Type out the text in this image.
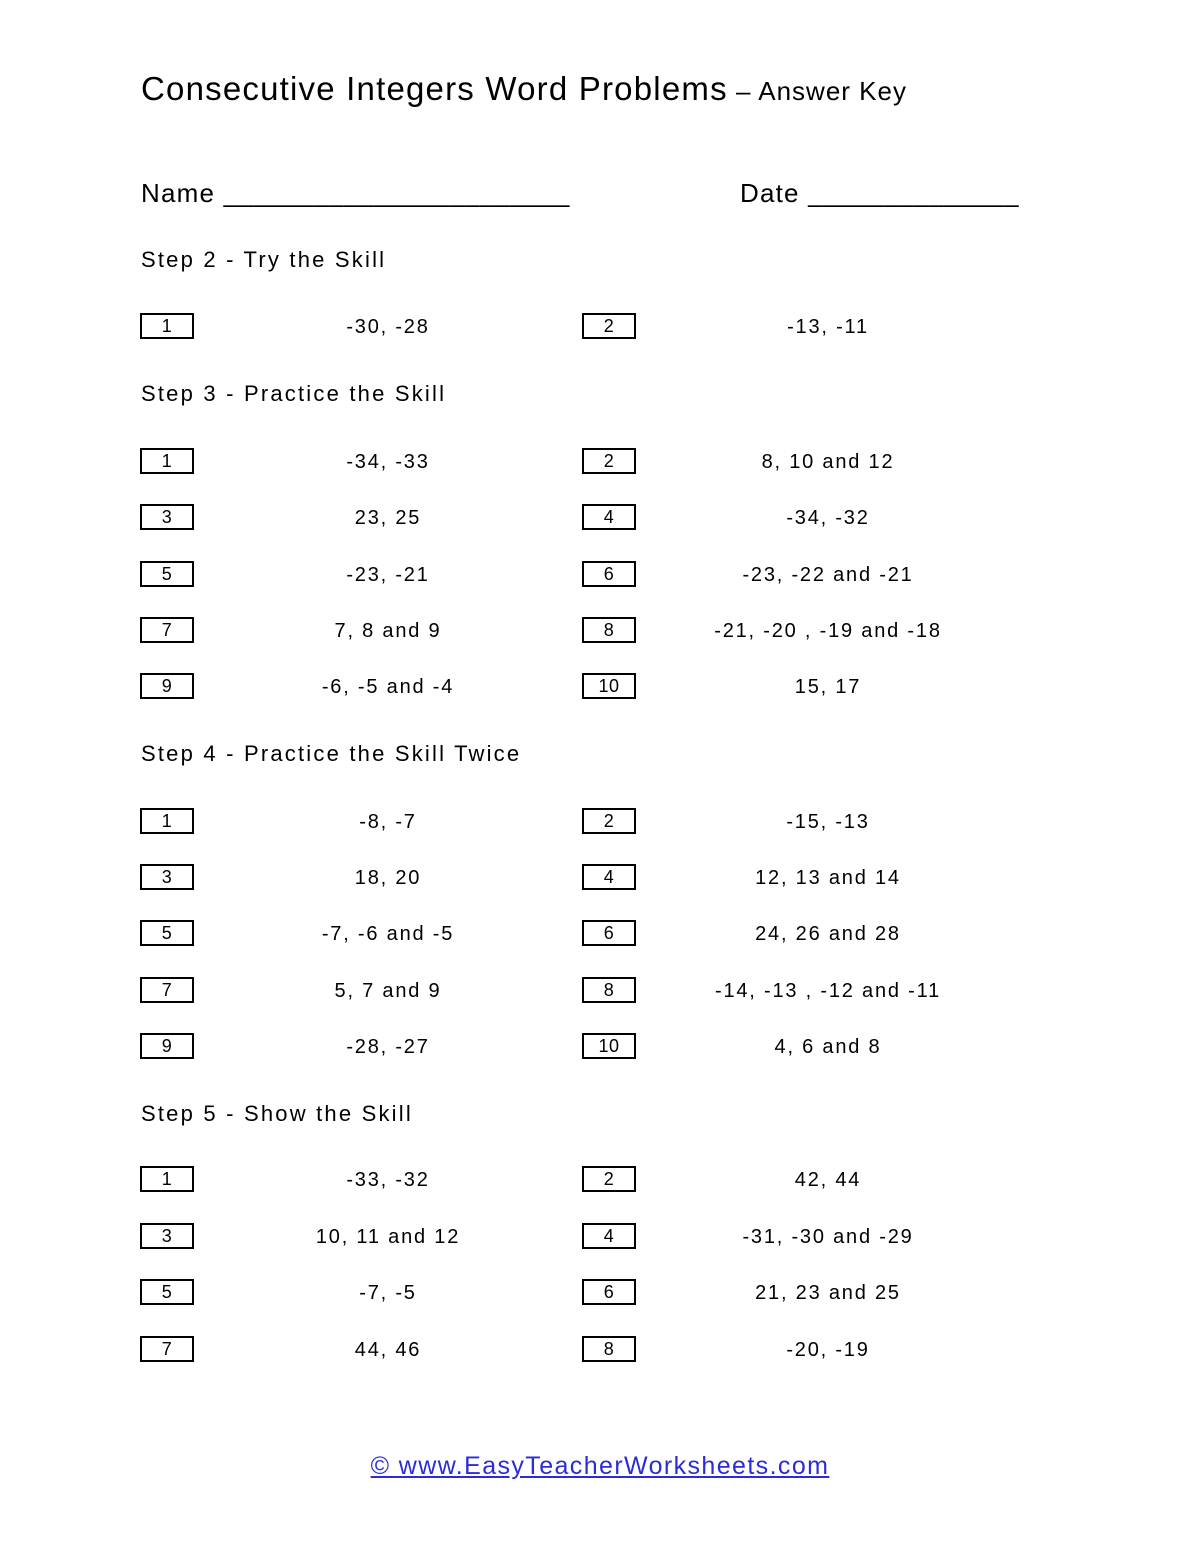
Consecutive Integers Word Problems – Answer Key
Name _______________________	Date ______________
Step 2 - Try the Skill
1	-30, -28	2	-13, -11
Step 3 - Practice the Skill
1	-34, -33	2	8, 10 and 12
3	23, 25	4	-34, -32
5	-23, -21	6	-23, -22 and -21
7	7, 8 and 9	8	-21, -20 , -19 and -18
9	-6, -5 and -4	10	15, 17
Step 4 - Practice the Skill Twice
1	-8, -7	2	-15, -13
3	18, 20	4	12, 13 and 14
5	-7, -6 and -5	6	24, 26 and 28
7	5, 7 and 9	8	-14, -13 , -12 and -11
9	-28, -27	10	4, 6 and 8
Step 5 - Show the Skill
1	-33, -32	2	42, 44
3	10, 11 and 12	4	-31, -30 and -29
5	-7, -5	6	21, 23 and 25
7	44, 46	8	-20, -19
© www.EasyTeacherWorksheets.com
